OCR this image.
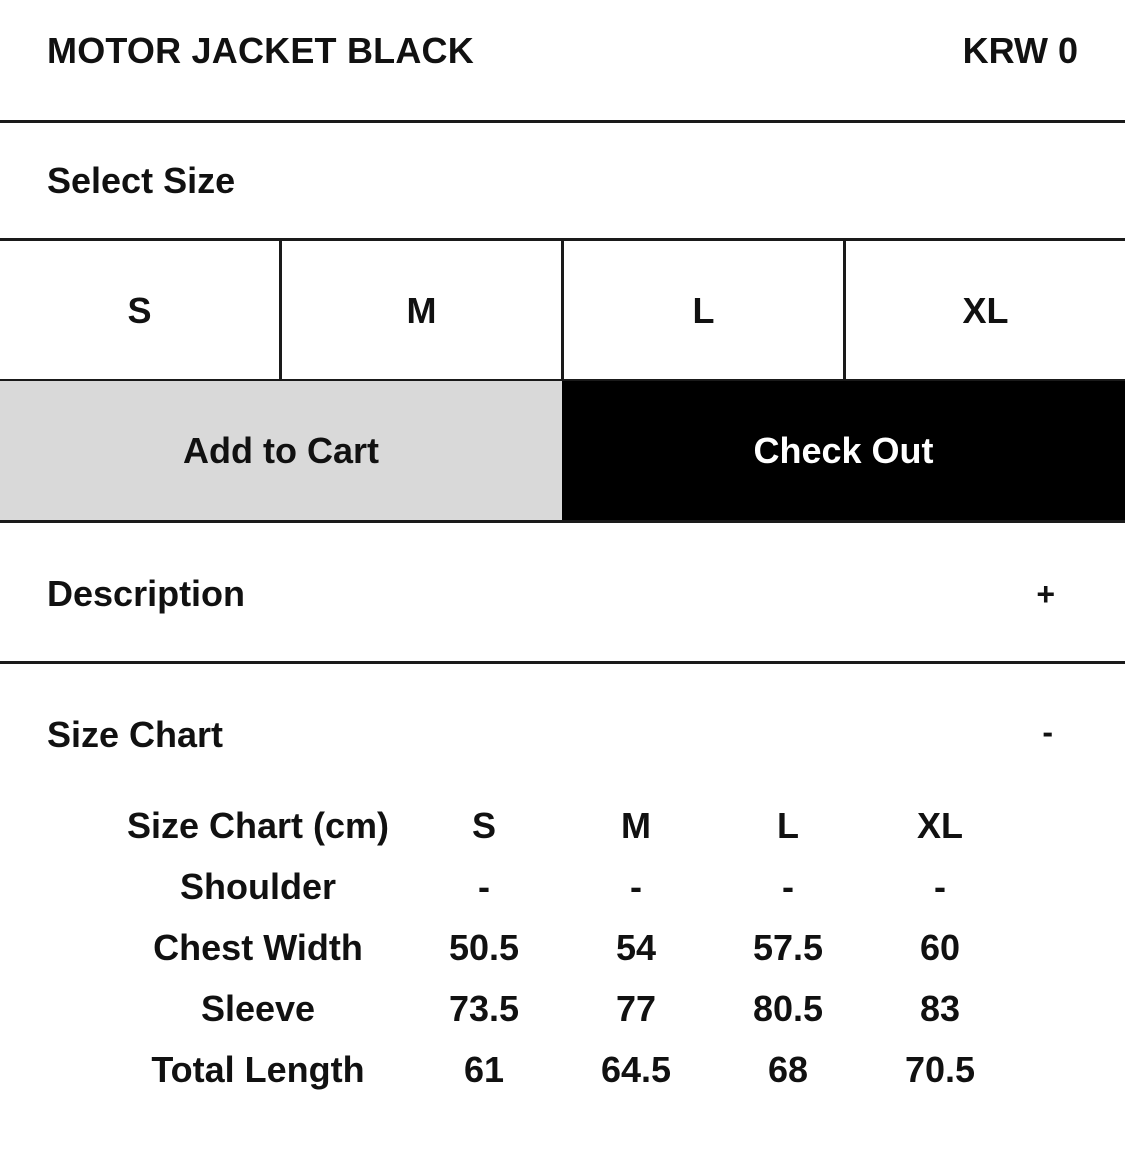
MOTOR JACKET BLACK	KRW 0
Select Size
S	M	L	XL
Add to Cart	Check Out
Description	+
Size Chart	-
Size Chart (cm)	S	M	L	XL
Shoulder	-	-	-	-
Chest Width	50.5	54	57.5	60
Sleeve	73.5	77	80.5	83
Total Length	61	64.5	68	70.5
